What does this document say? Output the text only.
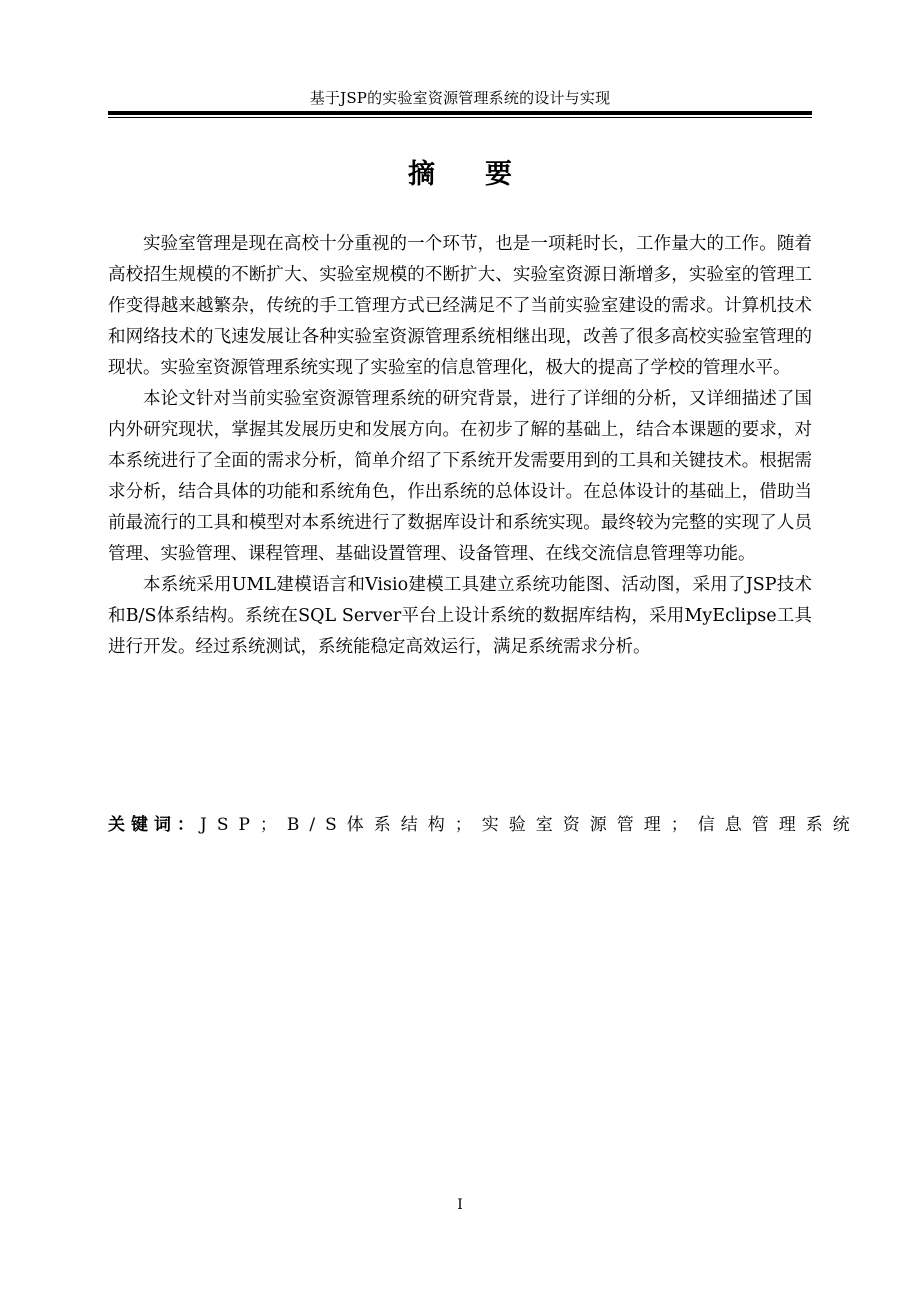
基于JSP的实验室资源管理系统的设计与实现
摘 要

实验室管理是现在高校十分重视的一个环节，也是一项耗时长，工作量大的工作。随着高校招生规模的不断扩大、实验室规模的不断扩大、实验室资源日渐增多，实验室的管理工作变得越来越繁杂，传统的手工管理方式已经满足不了当前实验室建设的需求。计算机技术和网络技术的飞速发展让各种实验室资源管理系统相继出现，改善了很多高校实验室管理的现状。实验室资源管理系统实现了实验室的信息管理化，极大的提高了学校的管理水平。

本论文针对当前实验室资源管理系统的研究背景，进行了详细的分析，又详细描述了国内外研究现状，掌握其发展历史和发展方向。在初步了解的基础上，结合本课题的要求，对本系统进行了全面的需求分析，简单介绍了下系统开发需要用到的工具和关键技术。根据需求分析，结合具体的功能和系统角色，作出系统的总体设计。在总体设计的基础上，借助当前最流行的工具和模型对本系统进行了数据库设计和系统实现。最终较为完整的实现了人员管理、实验管理、课程管理、基础设置管理、设备管理、在线交流信息管理等功能。

本系统采用UML建模语言和Visio建模工具建立系统功能图、活动图，采用了JSP技术和B/S体系结构。系统在SQL Server平台上设计系统的数据库结构，采用MyEclipse工具进行开发。经过系统测试，系统能稳定高效运行，满足系统需求分析。

关键词： JSP； B/S体系结构； 实验室资源管理； 信息管理系统
I
